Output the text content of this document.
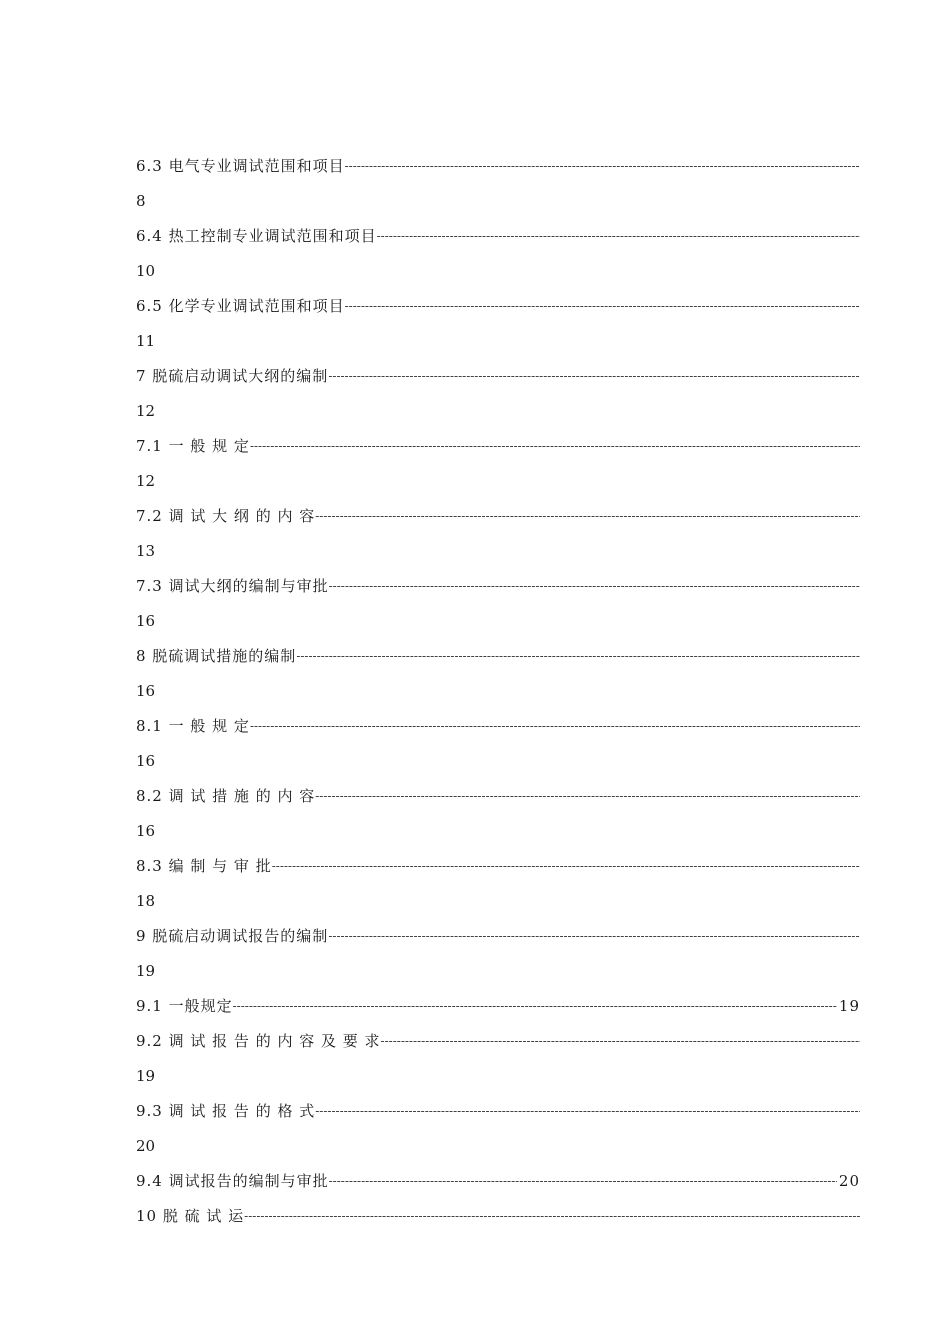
6.3 电气专业调试范围和项目
-----
8
6.4 热工控制专业调试范围和项目
-----
10
6.5 化学专业调试范围和项目
-----
11
7 脱硫启动调试大纲的编制
-----
12
7.1 一 般 规 定
-----
12
7.2 调 试 大 纲 的 内 容
-----
13
7.3 调试大纲的编制与审批
-----
16
8 脱硫调试措施的编制
-----
16
8.1 一 般 规 定
-----
16
8.2 调 试 措 施 的 内 容
-----
16
8.3 编 制 与 审 批
-----
18
9 脱硫启动调试报告的编制
-----
19
9.1 一般规定 -----	19
9.2 调 试 报 告 的 内 容 及 要 求
-----
19
9.3 调 试 报 告 的 格 式
-----
20
9.4 调试报告的编制与审批 -----	20
10 脱 硫 试 运
-----
